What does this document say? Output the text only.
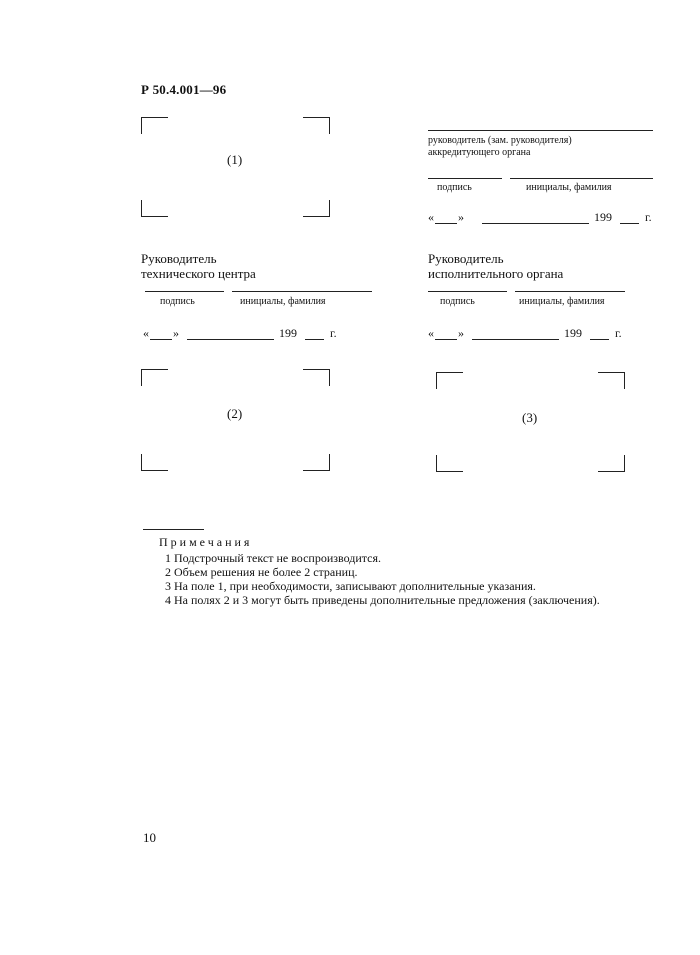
Р 50.4.001—96
(1)
руководитель (зам. руководителя)
аккредитующего органа
подпись	инициалы, фамилия
« »	199	г.
Руководитель
технического центра
подпись	инициалы, фамилия
« »	199	г.
Руководитель
исполнительного органа
подпись	инициалы, фамилия
« »	199	г.
(2)	(3)
Примечания
1 Подстрочный текст не воспроизводится.
2 Объем решения не более 2 страниц.
3 На поле 1, при необходимости, записывают дополнительные указания.
4 На полях 2 и 3 могут быть приведены дополнительные предложения (заключения).
10
